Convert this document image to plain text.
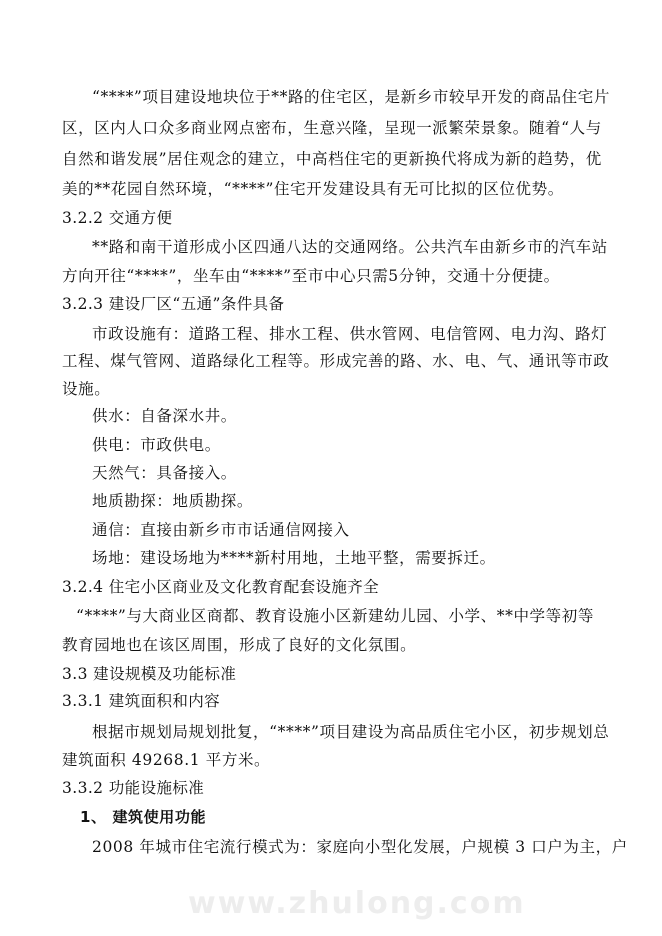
“****”项目建设地块位于**路的住宅区，是新乡市较早开发的商品住宅片
区，区内人口众多商业网点密布，生意兴隆，呈现一派繁荣景象。随着“人与
自然和谐发展”居住观念的建立，中高档住宅的更新换代将成为新的趋势，优
美的**花园自然环境，“****”住宅开发建设具有无可比拟的区位优势。
3.2.2 交通方便
**路和南干道形成小区四通八达的交通网络。公共汽车由新乡市的汽车站
方向开往“****”，坐车由“****”至市中心只需5分钟，交通十分便捷。
3.2.3 建设厂区“五通”条件具备
市政设施有：道路工程、排水工程、供水管网、电信管网、电力沟、路灯
工程、煤气管网、道路绿化工程等。形成完善的路、水、电、气、通讯等市政
设施。
供水：自备深水井。
供电：市政供电。
天然气：具备接入。
地质勘探：地质勘探。
通信：直接由新乡市市话通信网接入
场地：建设场地为****新村用地，土地平整，需要拆迁。
3.2.4 住宅小区商业及文化教育配套设施齐全
“****”与大商业区商都、教育设施小区新建幼儿园、小学、**中学等初等
教育园地也在该区周围，形成了良好的文化氛围。
3.3 建设规模及功能标准
3.3.1 建筑面积和内容
根据市规划局规划批复，“****”项目建设为高品质住宅小区，初步规划总
建筑面积 49268.1 平方米。
3.3.2 功能设施标准
1、 建筑使用功能
2008 年城市住宅流行模式为：家庭向小型化发展，户规模 3 口户为主，户
www.zhulong.com
